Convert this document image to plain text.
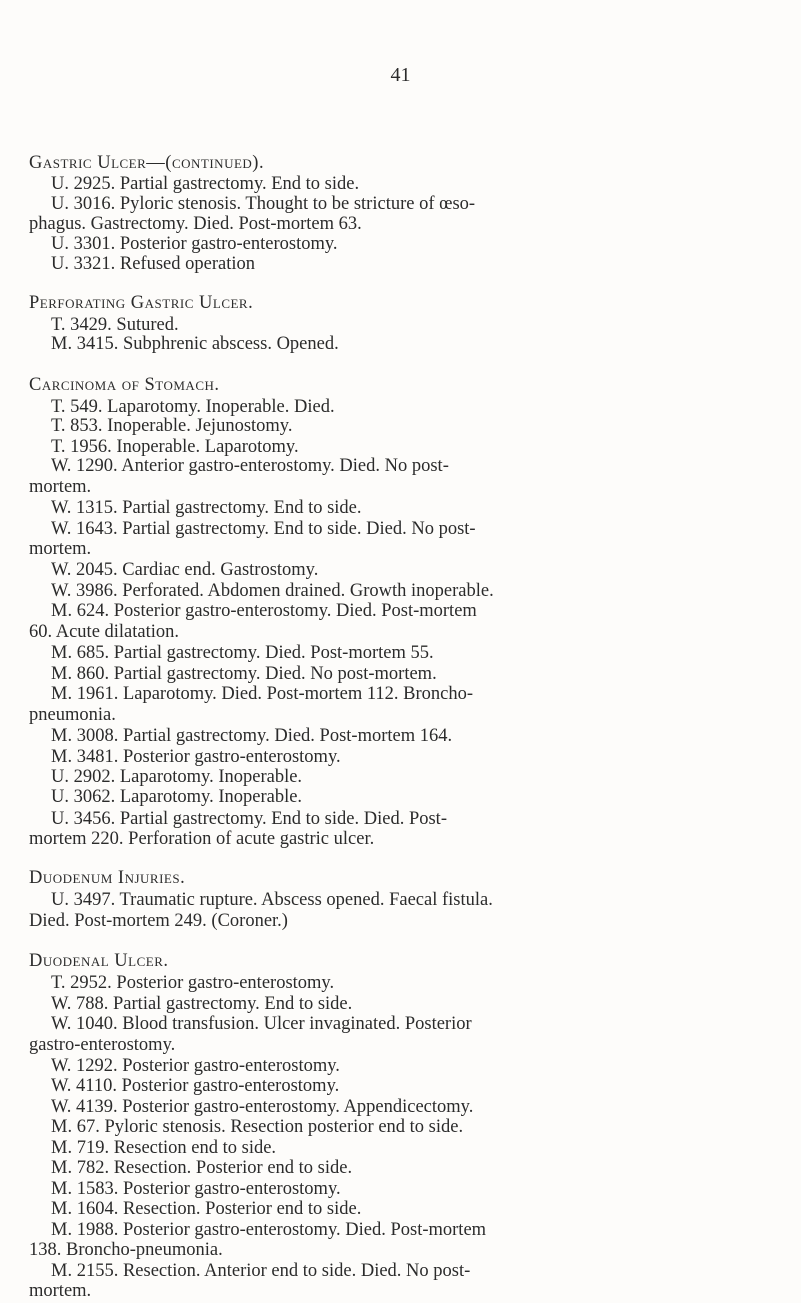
41
Gastric Ulcer—(continued).
U. 2925. Partial gastrectomy. End to side.
U. 3016. Pyloric stenosis. Thought to be stricture of œso-
phagus. Gastrectomy. Died. Post-mortem 63.
U. 3301. Posterior gastro-enterostomy.
U. 3321. Refused operation
Perforating Gastric Ulcer.
T. 3429. Sutured.
M. 3415. Subphrenic abscess. Opened.
Carcinoma of Stomach.
T. 549. Laparotomy. Inoperable. Died.
T. 853. Inoperable. Jejunostomy.
T. 1956. Inoperable. Laparotomy.
W. 1290. Anterior gastro-enterostomy. Died. No post-
mortem.
W. 1315. Partial gastrectomy. End to side.
W. 1643. Partial gastrectomy. End to side. Died. No post-
mortem.
W. 2045. Cardiac end. Gastrostomy.
W. 3986. Perforated. Abdomen drained. Growth inoperable.
M. 624. Posterior gastro-enterostomy. Died. Post-mortem
60. Acute dilatation.
M. 685. Partial gastrectomy. Died. Post-mortem 55.
M. 860. Partial gastrectomy. Died. No post-mortem.
M. 1961. Laparotomy. Died. Post-mortem 112. Broncho-
pneumonia.
M. 3008. Partial gastrectomy. Died. Post-mortem 164.
M. 3481. Posterior gastro-enterostomy.
U. 2902. Laparotomy. Inoperable.
U. 3062. Laparotomy. Inoperable.
U. 3456. Partial gastrectomy. End to side. Died. Post-
mortem 220. Perforation of acute gastric ulcer.
Duodenum Injuries.
U. 3497. Traumatic rupture. Abscess opened. Faecal fistula.
Died. Post-mortem 249. (Coroner.)
Duodenal Ulcer.
T. 2952. Posterior gastro-enterostomy.
W. 788. Partial gastrectomy. End to side.
W. 1040. Blood transfusion. Ulcer invaginated. Posterior
gastro-enterostomy.
W. 1292. Posterior gastro-enterostomy.
W. 4110. Posterior gastro-enterostomy.
W. 4139. Posterior gastro-enterostomy. Appendicectomy.
M. 67. Pyloric stenosis. Resection posterior end to side.
M. 719. Resection end to side.
M. 782. Resection. Posterior end to side.
M. 1583. Posterior gastro-enterostomy.
M. 1604. Resection. Posterior end to side.
M. 1988. Posterior gastro-enterostomy. Died. Post-mortem
138. Broncho-pneumonia.
M. 2155. Resection. Anterior end to side. Died. No post-
mortem.
